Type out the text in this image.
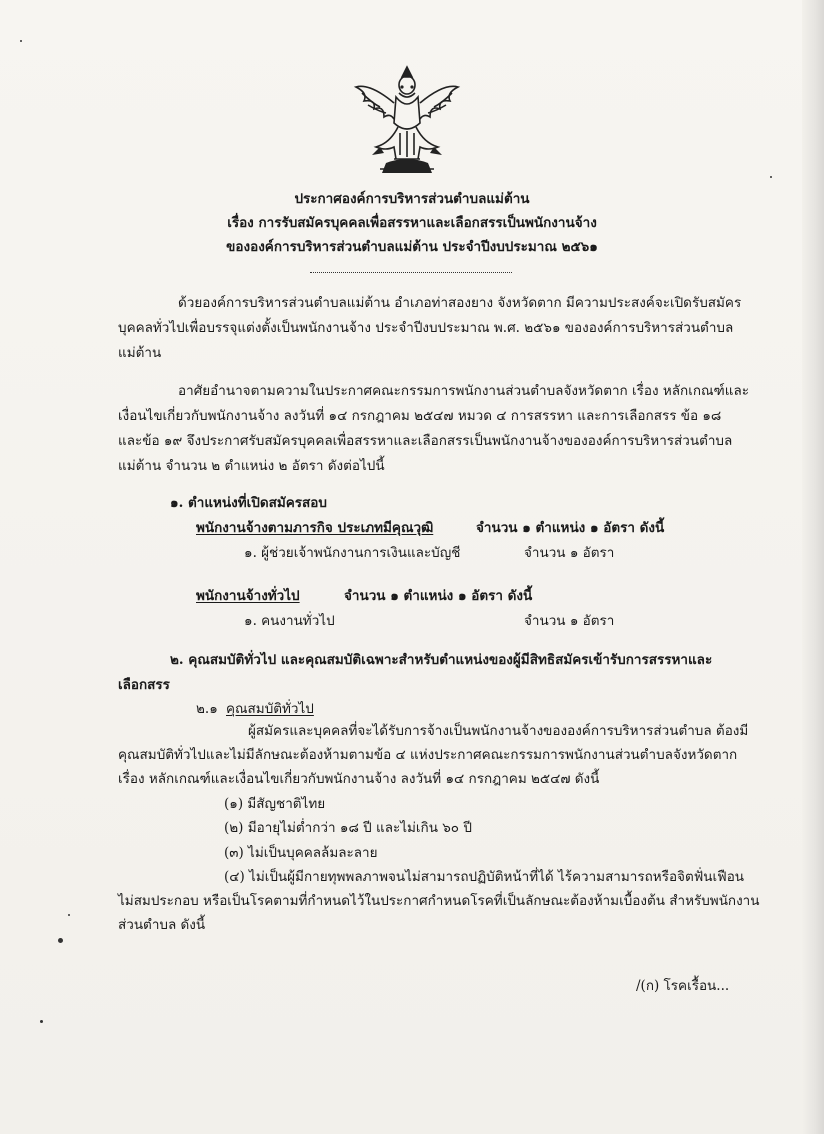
ประกาศองค์การบริหารส่วนตำบลแม่ต้าน
เรื่อง การรับสมัครบุคคลเพื่อสรรหาและเลือกสรรเป็นพนักงานจ้าง
ขององค์การบริหารส่วนตำบลแม่ต้าน ประจำปีงบประมาณ ๒๕๖๑
ด้วยองค์การบริหารส่วนตำบลแม่ต้าน อำเภอท่าสองยาง จังหวัดตาก มีความประสงค์จะเปิดรับสมัคร
บุคคลทั่วไปเพื่อบรรจุแต่งตั้งเป็นพนักงานจ้าง ประจำปีงบประมาณ พ.ศ. ๒๕๖๑ ขององค์การบริหารส่วนตำบล
แม่ต้าน
อาศัยอำนาจตามความในประกาศคณะกรรมการพนักงานส่วนตำบลจังหวัดตาก เรื่อง หลักเกณฑ์และ
เงื่อนไขเกี่ยวกับพนักงานจ้าง ลงวันที่ ๑๔ กรกฎาคม ๒๕๔๗ หมวด ๔ การสรรหา และการเลือกสรร ข้อ ๑๘
และข้อ ๑๙ จึงประกาศรับสมัครบุคคลเพื่อสรรหาและเลือกสรรเป็นพนักงานจ้างขององค์การบริหารส่วนตำบล
แม่ต้าน จำนวน ๒ ตำแหน่ง ๒ อัตรา ดังต่อไปนี้
๑. ตำแหน่งที่เปิดสมัครสอบ
พนักงานจ้างตามภารกิจ ประเภทมีคุณวุฒิ	จำนวน ๑ ตำแหน่ง ๑ อัตรา ดังนี้
๑. ผู้ช่วยเจ้าพนักงานการเงินและบัญชี	จำนวน ๑ อัตรา
พนักงานจ้างทั่วไป	จำนวน ๑ ตำแหน่ง ๑ อัตรา ดังนี้
๑. คนงานทั่วไป	จำนวน ๑ อัตรา
๒. คุณสมบัติทั่วไป และคุณสมบัติเฉพาะสำหรับตำแหน่งของผู้มีสิทธิสมัครเข้ารับการสรรหาและ
เลือกสรร
๒.๑ คุณสมบัติทั่วไป
ผู้สมัครและบุคคลที่จะได้รับการจ้างเป็นพนักงานจ้างขององค์การบริหารส่วนตำบล ต้องมี
คุณสมบัติทั่วไปและไม่มีลักษณะต้องห้ามตามข้อ ๔ แห่งประกาศคณะกรรมการพนักงานส่วนตำบลจังหวัดตาก
เรื่อง หลักเกณฑ์และเงื่อนไขเกี่ยวกับพนักงานจ้าง ลงวันที่ ๑๔ กรกฎาคม ๒๕๔๗ ดังนี้
(๑) มีสัญชาติไทย
(๒) มีอายุไม่ต่ำกว่า ๑๘ ปี และไม่เกิน ๖๐ ปี
(๓) ไม่เป็นบุคคลล้มละลาย
(๔) ไม่เป็นผู้มีกายทุพพลภาพจนไม่สามารถปฏิบัติหน้าที่ได้ ไร้ความสามารถหรือจิตฟั่นเฟือน
ไม่สมประกอบ หรือเป็นโรคตามที่กำหนดไว้ในประกาศกำหนดโรคที่เป็นลักษณะต้องห้ามเบื้องต้น สำหรับพนักงาน
ส่วนตำบล ดังนี้
/(ก) โรคเรื้อน...
